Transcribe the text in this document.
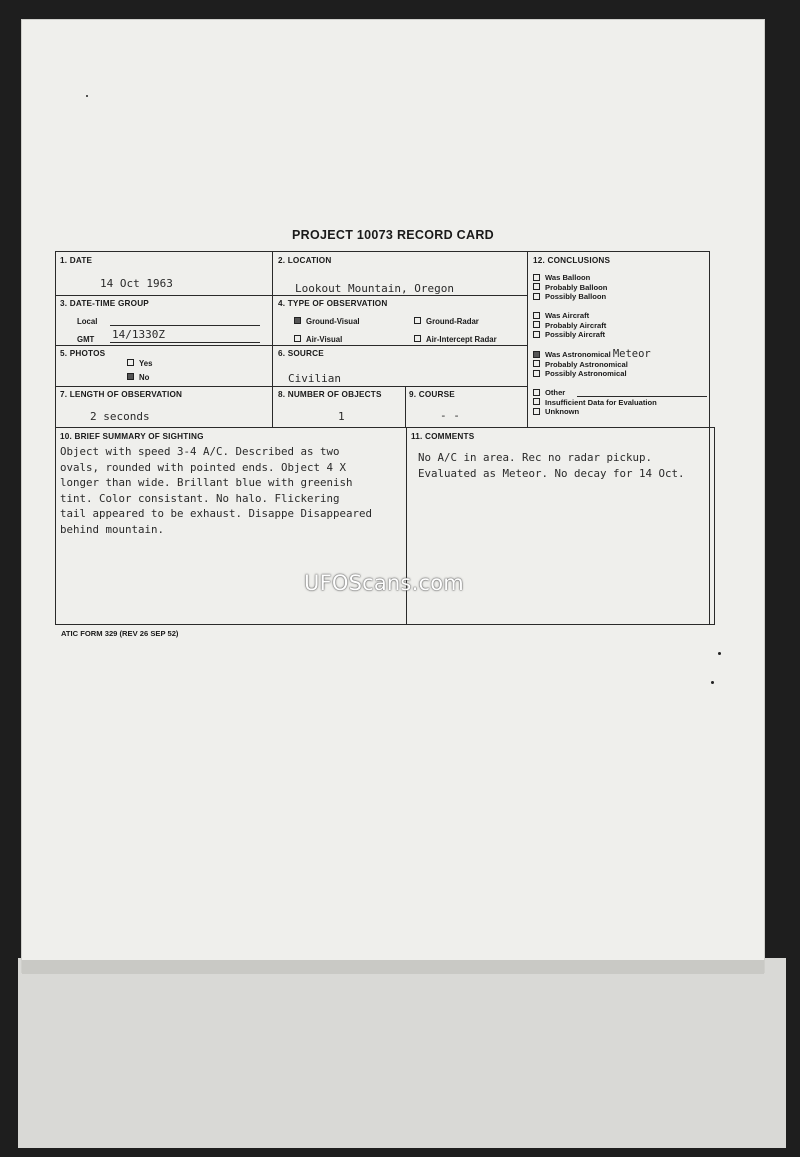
PROJECT 10073 RECORD CARD
1. DATE
14 Oct 1963
2. LOCATION
Lookout Mountain, Oregon
3. DATE-TIME GROUP
Local
GMT 14/1330Z
4. TYPE OF OBSERVATION
Ground-Visual	Ground-Radar
Air-Visual	Air-Intercept Radar
5. PHOTOS
Yes
No
6. SOURCE
Civilian
7. LENGTH OF OBSERVATION
2 seconds
8. NUMBER OF OBJECTS
1
9. COURSE
- -
10. BRIEF SUMMARY OF SIGHTING
Object with speed 3-4 A/C. Described as two
ovals, rounded with pointed ends. Object 4 X
longer than wide. Brillant blue with greenish
tint. Color consistant. No halo. Flickering
tail appeared to be exhaust. Disappe Disappeared
behind mountain.
11. COMMENTS
No A/C in area. Rec no radar pickup.
Evaluated as Meteor. No decay for 14 Oct.
12. CONCLUSIONS
Was Balloon
Probably Balloon
Possibly Balloon
Was Aircraft
Probably Aircraft
Possibly Aircraft
Was Astronomical Meteor
Probably Astronomical
Possibly Astronomical
Other
Insufficient Data for Evaluation
Unknown
UFOScans.com
ATIC FORM 329 (REV 26 SEP 52)
